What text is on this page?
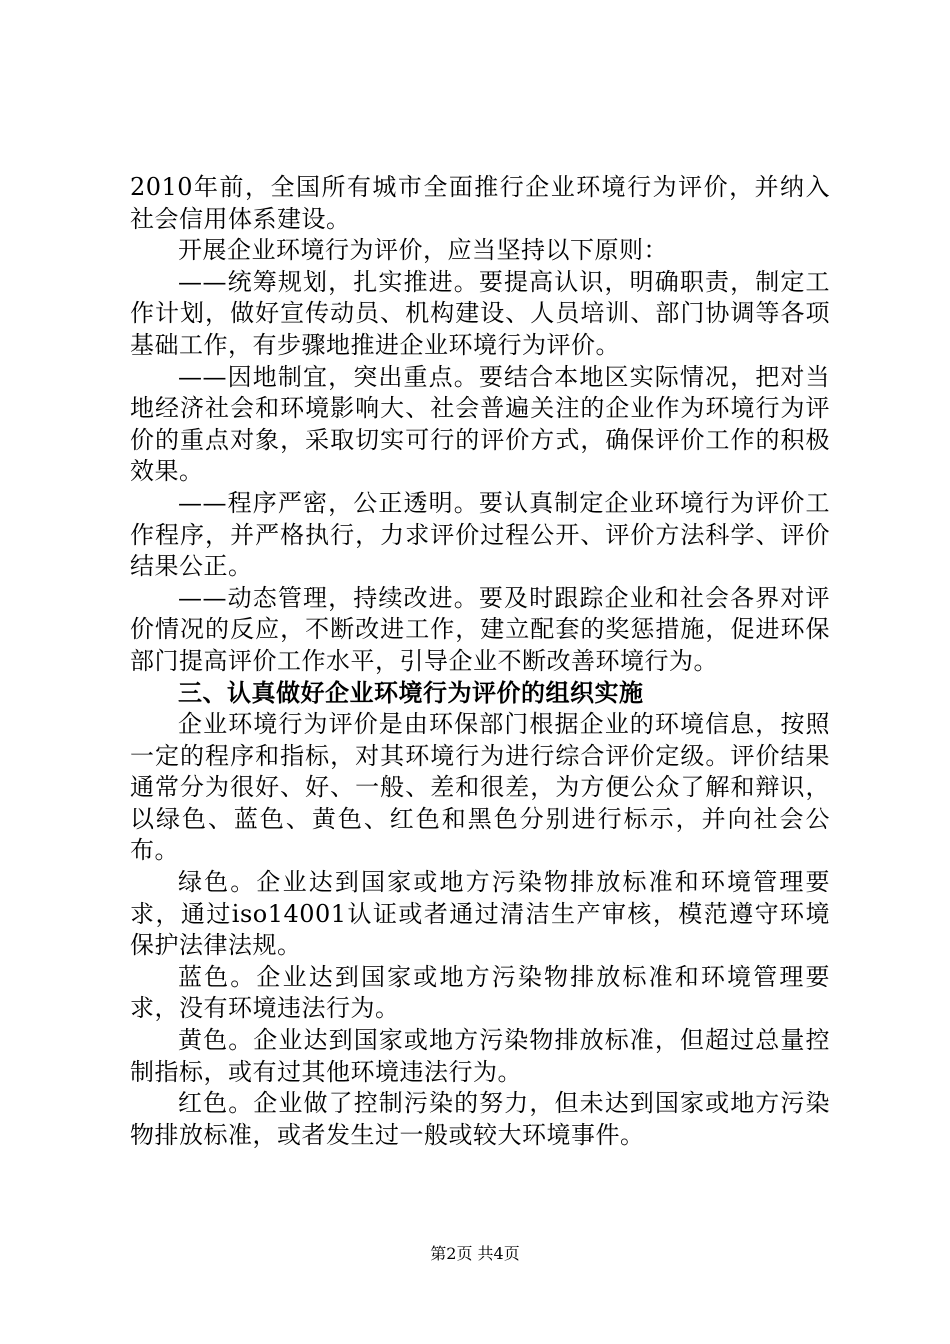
2010年前，全国所有城市全面推行企业环境行为评价，并纳入社会信用体系建设。

开展企业环境行为评价，应当坚持以下原则：

——统筹规划，扎实推进。要提高认识，明确职责，制定工作计划，做好宣传动员、机构建设、人员培训、部门协调等各项基础工作，有步骤地推进企业环境行为评价。

——因地制宜，突出重点。要结合本地区实际情况，把对当地经济社会和环境影响大、社会普遍关注的企业作为环境行为评价的重点对象，采取切实可行的评价方式，确保评价工作的积极效果。

——程序严密，公正透明。要认真制定企业环境行为评价工作程序，并严格执行，力求评价过程公开、评价方法科学、评价结果公正。

——动态管理，持续改进。要及时跟踪企业和社会各界对评价情况的反应，不断改进工作，建立配套的奖惩措施，促进环保部门提高评价工作水平，引导企业不断改善环境行为。

三、认真做好企业环境行为评价的组织实施

企业环境行为评价是由环保部门根据企业的环境信息，按照一定的程序和指标，对其环境行为进行综合评价定级。评价结果通常分为很好、好、一般、差和很差，为方便公众了解和辩识，以绿色、蓝色、黄色、红色和黑色分别进行标示，并向社会公布。

绿色。企业达到国家或地方污染物排放标准和环境管理要求，通过iso14001认证或者通过清洁生产审核，模范遵守环境保护法律法规。

蓝色。企业达到国家或地方污染物排放标准和环境管理要求，没有环境违法行为。

黄色。企业达到国家或地方污染物排放标准，但超过总量控制指标，或有过其他环境违法行为。

红色。企业做了控制污染的努力，但未达到国家或地方污染物排放标准，或者发生过一般或较大环境事件。

第2页 共4页
